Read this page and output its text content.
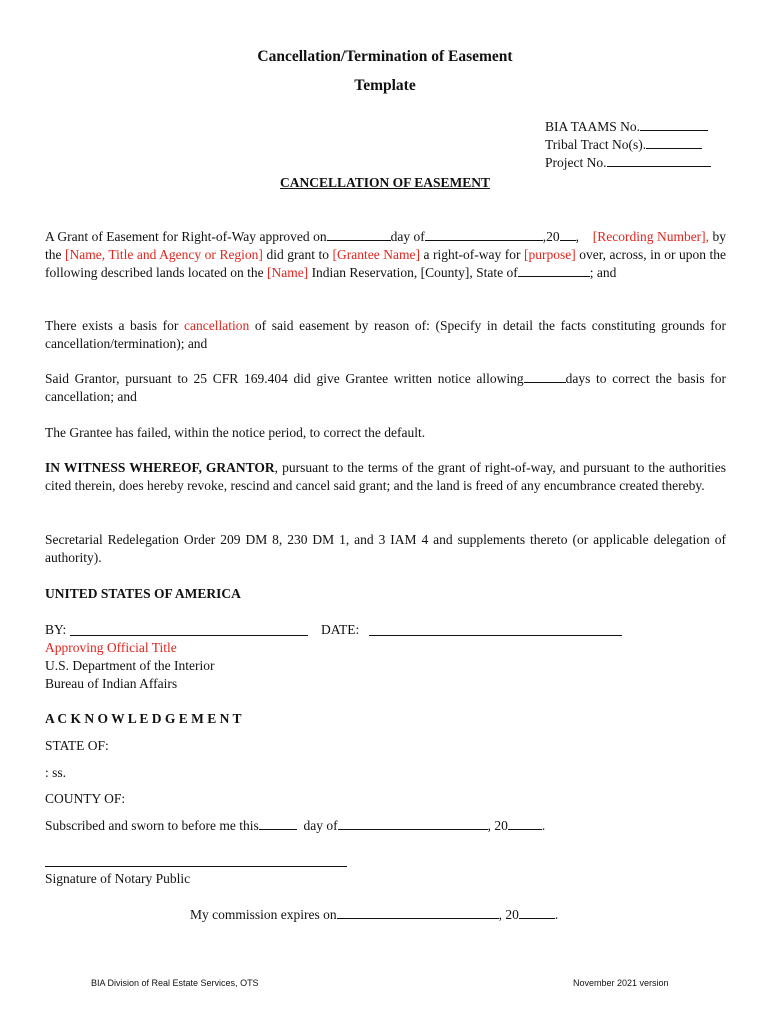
Cancellation/Termination of Easement
Template
BIA TAAMS No.
Tribal Tract No(s).
Project No.
CANCELLATION OF EASEMENT
A Grant of Easement for Right-of-Way approved on	day of	,20 , [Recording Number], by the [Name, Title and Agency or Region] did grant to [Grantee Name] a right-of-way for [purpose] over, across, in or upon the following described lands located on the [Name] Indian Reservation, [County], State of	; and
There exists a basis for cancellation of said easement by reason of: (Specify in detail the facts constituting grounds for cancellation/termination); and
Said Grantor, pursuant to 25 CFR 169.404 did give Grantee written notice allowing	days to correct the basis for cancellation; and
The Grantee has failed, within the notice period, to correct the default.
IN WITNESS WHEREOF, GRANTOR, pursuant to the terms of the grant of right-of-way, and pursuant to the authorities cited therein, does hereby revoke, rescind and cancel said grant; and the land is freed of any encumbrance created thereby.
Secretarial Redelegation Order 209 DM 8, 230 DM 1, and 3 IAM 4 and supplements thereto (or applicable delegation of authority).
UNITED STATES OF AMERICA
BY:	DATE:
Approving Official Title
U.S. Department of the Interior
Bureau of Indian Affairs
A C K N O W L E D G E M E N T
STATE OF:
: ss.
COUNTY OF:
Subscribed and sworn to before me this	day of	, 20	.
Signature of Notary Public
My commission expires on	, 20	.
BIA Division of Real Estate Services, OTS	November 2021 version
